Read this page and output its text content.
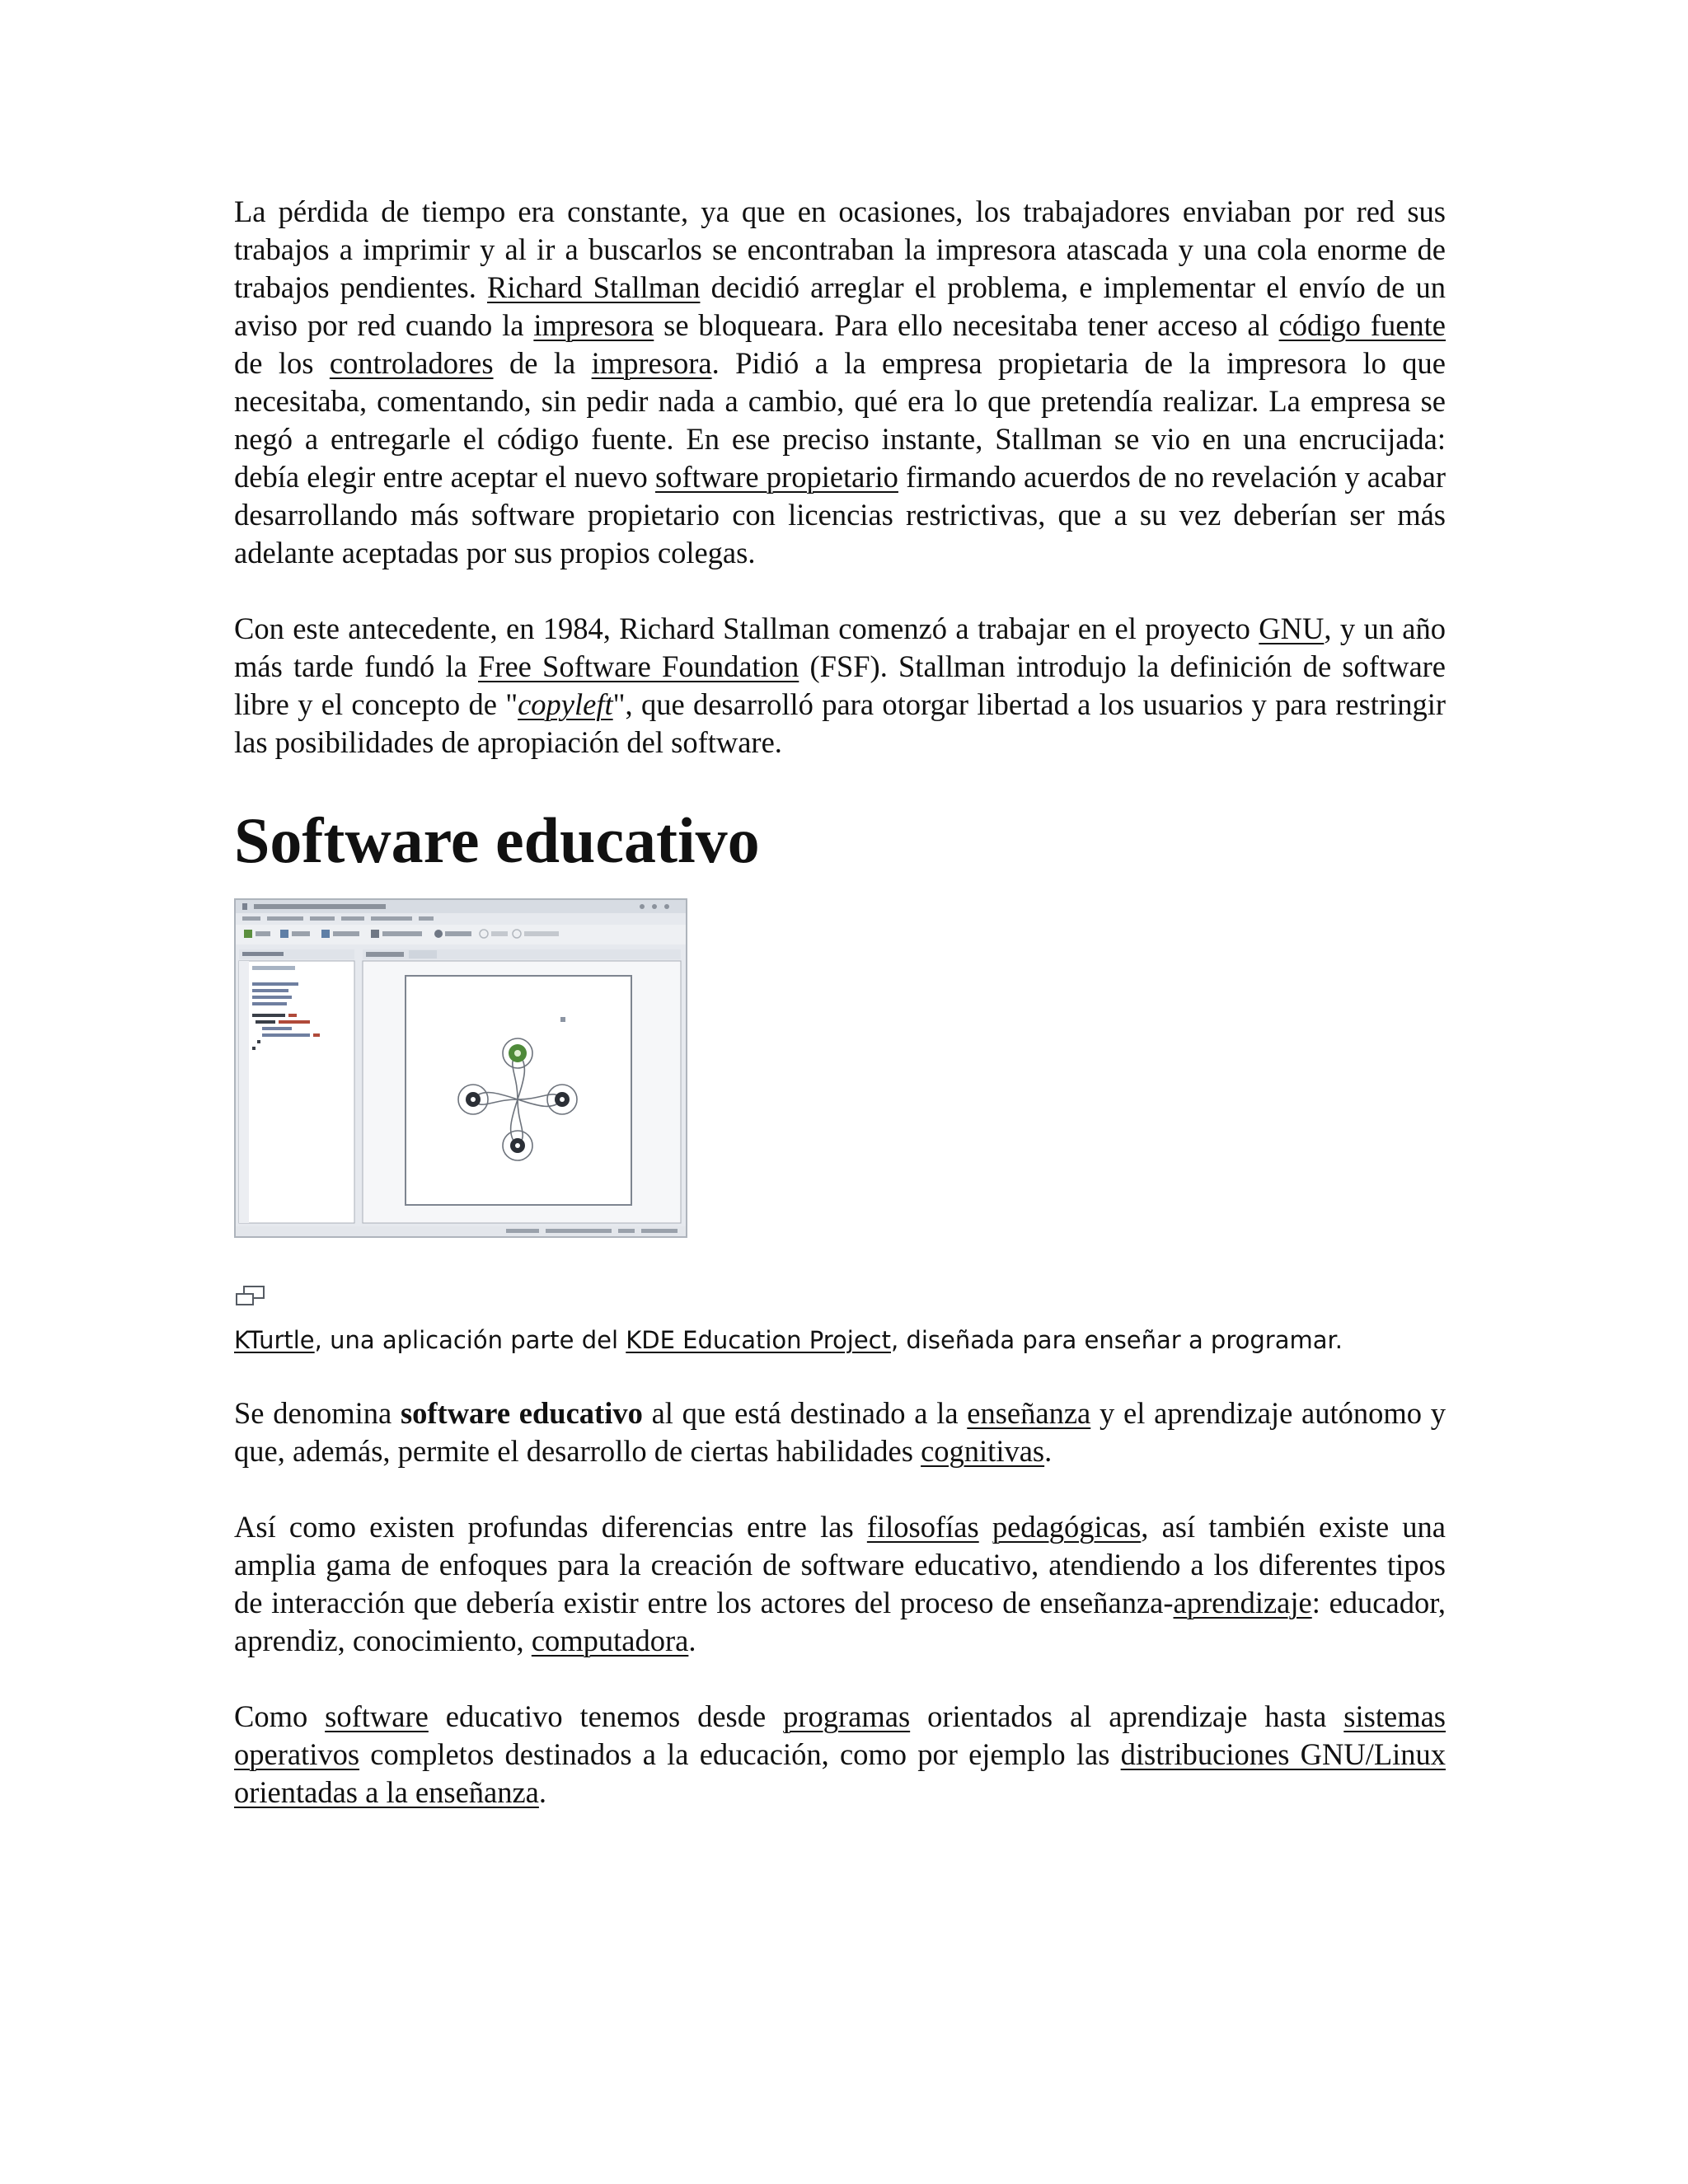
La pérdida de tiempo era constante, ya que en ocasiones, los trabajadores enviaban por red sus trabajos a imprimir y al ir a buscarlos se encontraban la impresora atascada y una cola enorme de trabajos pendientes. Richard Stallman decidió arreglar el problema, e implementar el envío de un aviso por red cuando la impresora se bloqueara. Para ello necesitaba tener acceso al código fuente de los controladores de la impresora. Pidió a la empresa propietaria de la impresora lo que necesitaba, comentando, sin pedir nada a cambio, qué era lo que pretendía realizar. La empresa se negó a entregarle el código fuente. En ese preciso instante, Stallman se vio en una encrucijada: debía elegir entre aceptar el nuevo software propietario firmando acuerdos de no revelación y acabar desarrollando más software propietario con licencias restrictivas, que a su vez deberían ser más adelante aceptadas por sus propios colegas.

Con este antecedente, en 1984, Richard Stallman comenzó a trabajar en el proyecto GNU, y un año más tarde fundó la Free Software Foundation (FSF). Stallman introdujo la definición de software libre y el concepto de "copyleft", que desarrolló para otorgar libertad a los usuarios y para restringir las posibilidades de apropiación del software.

Software educativo

KTurtle, una aplicación parte del KDE Education Project, diseñada para enseñar a programar.

Se denomina software educativo al que está destinado a la enseñanza y el aprendizaje autónomo y que, además, permite el desarrollo de ciertas habilidades cognitivas.

Así como existen profundas diferencias entre las filosofías pedagógicas, así también existe una amplia gama de enfoques para la creación de software educativo, atendiendo a los diferentes tipos de interacción que debería existir entre los actores del proceso de enseñanza-aprendizaje: educador, aprendiz, conocimiento, computadora.

Como software educativo tenemos desde programas orientados al aprendizaje hasta sistemas operativos completos destinados a la educación, como por ejemplo las distribuciones GNU/Linux orientadas a la enseñanza.
